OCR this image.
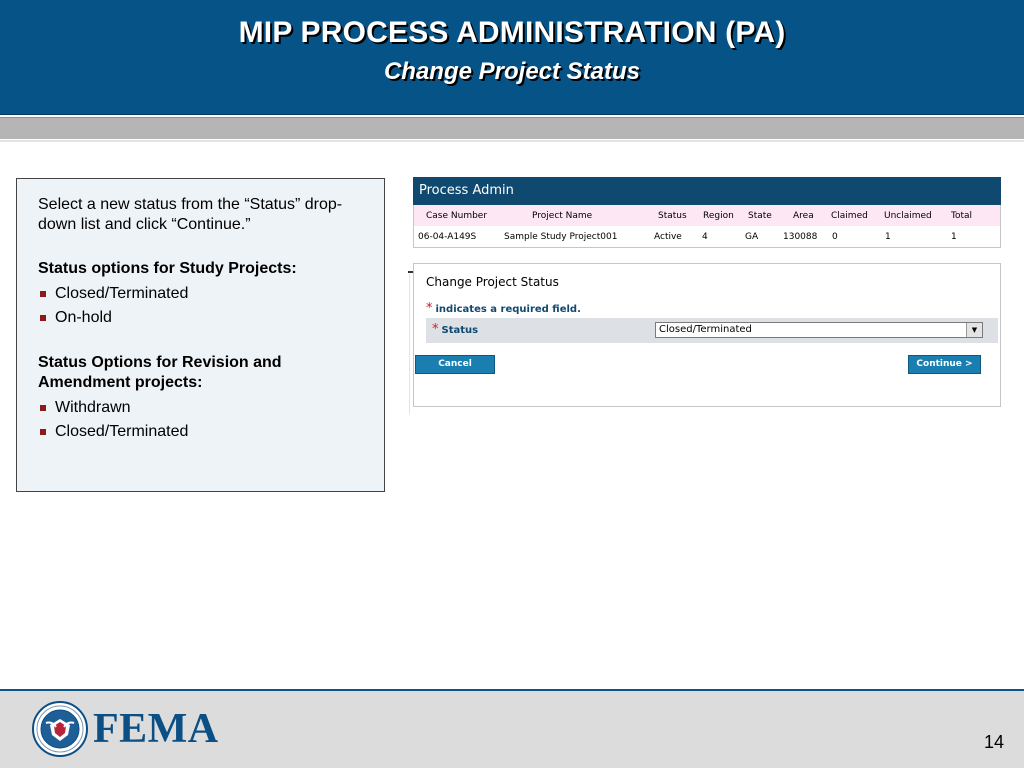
MIP PROCESS ADMINISTRATION (PA)
Change Project Status

Select a new status from the “Status” drop-down list and click “Continue.”

Status options for Study Projects:
Closed/Terminated
On-hold
Status Options for Revision and Amendment projects:
Withdrawn
Closed/Terminated
Process Admin
Case Number	Project Name	Status	Region	State	Area	Claimed	Unclaimed	Total
06-04-A149S	Sample Study Project001	Active	4	GA	130088	0	1	1
Change Project Status
* indicates a required field.
* Status	Closed/Terminated	▼
Cancel	Continue >
FEMA	14
